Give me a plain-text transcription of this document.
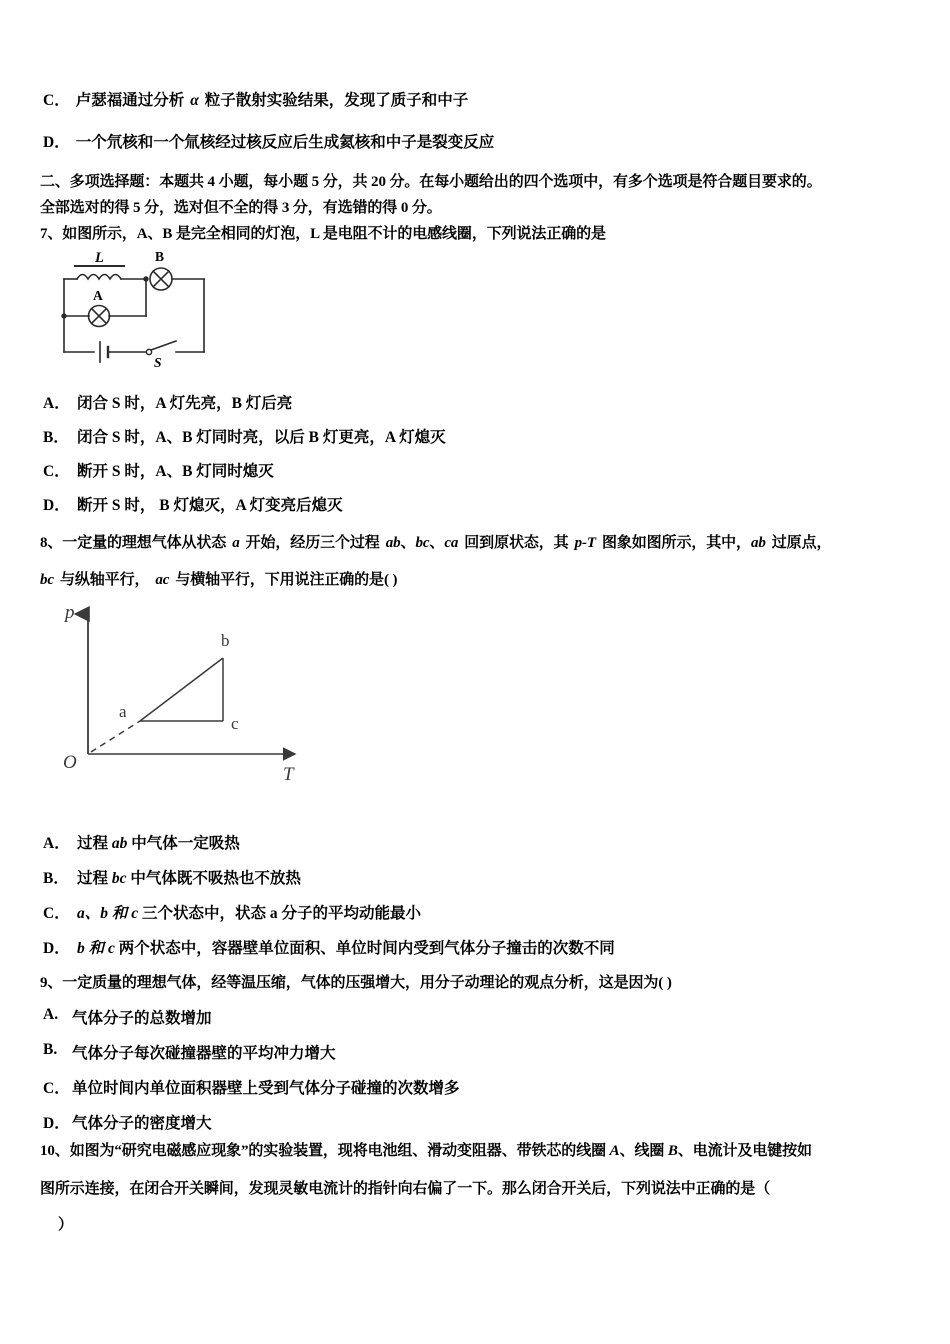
C． 卢瑟福通过分析 α 粒子散射实验结果，发现了质子和中子
D． 一个氘核和一个氚核经过核反应后生成氦核和中子是裂变反应
二、多项选择题：本题共 4 小题，每小题 5 分，共 20 分。在每小题给出的四个选项中，有多个选项是符合题目要求的。
全部选对的得 5 分，选对但不全的得 3 分，有选错的得 0 分。
7、如图所示，A、B 是完全相同的灯泡，L 是电阻不计的电感线圈，下列说法正确的是
L
A
B
S
A． 闭合 S 时，A 灯先亮，B 灯后亮
B． 闭合 S 时，A、B 灯同时亮，以后 B 灯更亮，A 灯熄灭
C． 断开 S 时，A、B 灯同时熄灭
D． 断开 S 时， B 灯熄灭，A 灯变亮后熄灭
8、一定量的理想气体从状态 a 开始，经历三个过程 ab、bc、ca 回到原状态，其 p-T 图象如图所示，其中，ab 过原点，
bc 与纵轴平行， ac 与横轴平行，下用说注正确的是( )
p
T
O
a
b
c
A． 过程 ab 中气体一定吸热
B． 过程 bc 中气体既不吸热也不放热
C． a、b 和 c 三个状态中，状态 a 分子的平均动能最小
D． b 和 c 两个状态中，容器壁单位面积、单位时间内受到气体分子撞击的次数不同
9、一定质量的理想气体，经等温压缩，气体的压强增大，用分子动理论的观点分析，这是因为( )
A. 气体分子的总数增加
B. 气体分子每次碰撞器壁的平均冲力增大
C． 单位时间内单位面积器壁上受到气体分子碰撞的次数增多
D． 气体分子的密度增大
10、如图为“研究电磁感应现象”的实验装置，现将电池组、滑动变阻器、带铁芯的线圈 A、线圈 B、电流计及电键按如
图所示连接，在闭合开关瞬间，发现灵敏电流计的指针向右偏了一下。那么闭合开关后，下列说法中正确的是（
）
